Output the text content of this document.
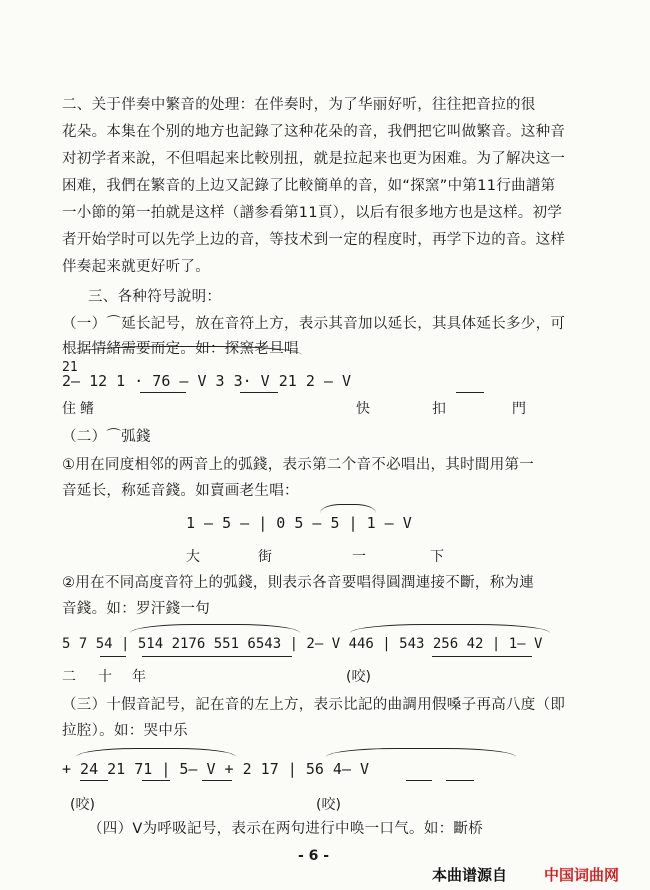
二、关于伴奏中繁音的处理：在伴奏时，为了华丽好听，往往把音拉的很
花朵。本集在个别的地方也記錄了这种花朵的音，我們把它叫做繁音。这种音
对初学者来說，不但唱起来比較別扭，就是拉起来也更为困难。为了解决这一
困难，我們在繁音的上边又記錄了比較簡单的音，如“探窯”中第11行曲譜第
一小節的第一拍就是这样（譜参看第11頁），以后有很多地方也是这样。初学
者开始学时可以先学上边的音，等技术到一定的程度时，再学下边的音。这样
伴奏起来就更好听了。
三、各种符号說明：
（一）⌒延长記号，放在音符上方，表示其音加以延长，其具体延长多少，可
根据情緒需要而定。如：探窯老旦唱
21
2— 12 1 · 76 — V 3 3· V 21 2 — V
住 鳍	快	扣	門
（二）⌒弧錢
①用在同度相邻的两音上的弧錢，表示第二个音不必唱出，其时間用第一
音延长，称延音錢。如賣画老生唱：
1 — 5 — | 0 5 — 5 | 1 — V
大	街	一	下
②用在不同高度音符上的弧錢，則表示各音要唱得圓潤連接不斷，称为連
音錢。如：罗汗錢一句
5 7 54 | 514 2176 551 6543 | 2— V 446 | 543 256 42 | 1— V
二 十 年	(咬)
（三）十假音記号，記在音的左上方，表示比記的曲調用假嗓子再高八度（即
拉腔）。如：哭中乐
+ 24 21 71 | 5— V + 2 17 | 56 4— V
(咬)	(咬)
（四）V为呼吸記号，表示在两句进行中唤一口气。如：斷桥
- 6 -
本曲谱源自 中国词曲网
